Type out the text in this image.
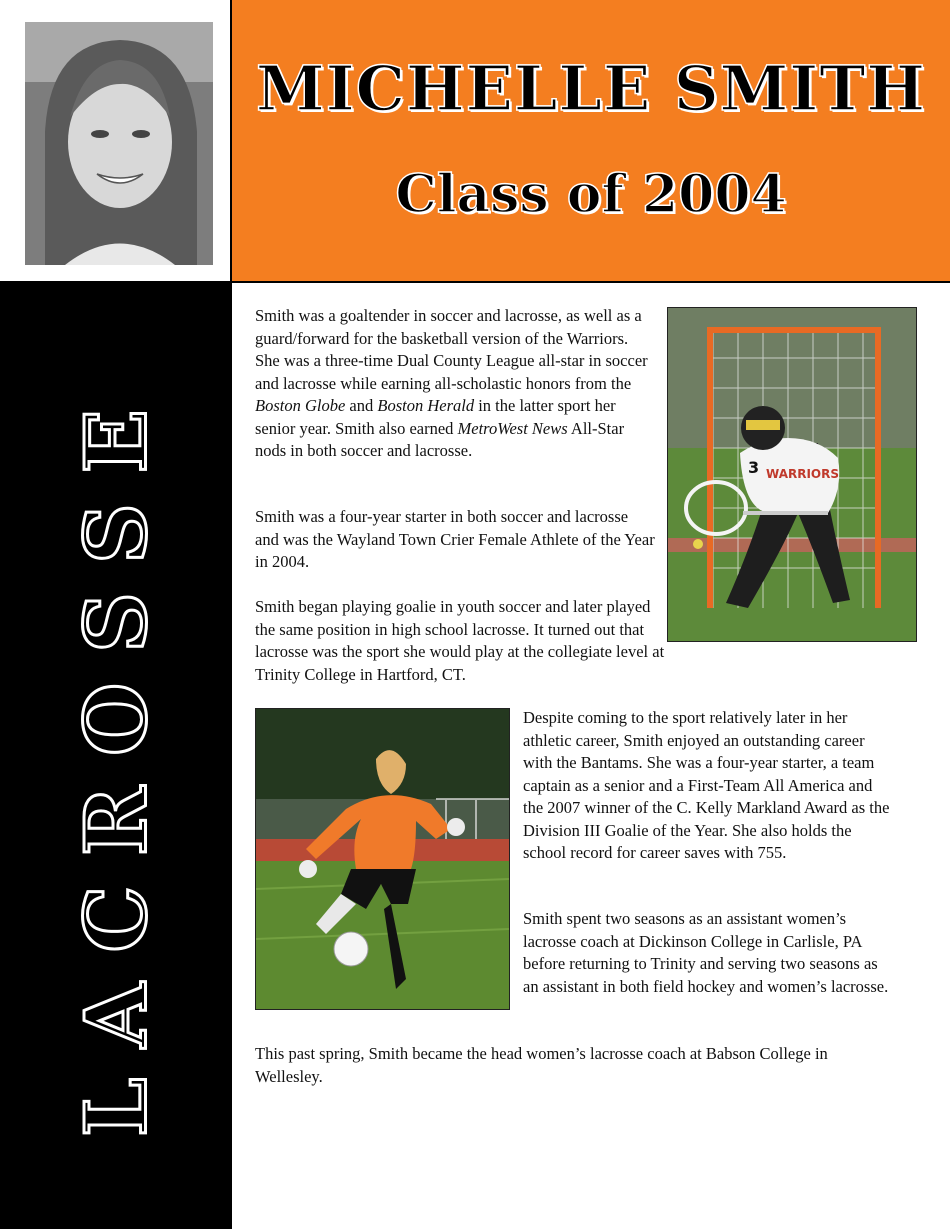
MICHELLE SMITH
Class of 2004
LACROSSE

Smith was a goaltender in soccer and lacrosse, as well as a guard/forward for the basketball version of the Warriors. She was a three-time Dual County League all-star in soccer and lacrosse while earning all-scholastic honors from the Boston Globe and Boston Herald in the latter sport her senior year. Smith also earned MetroWest News All-Star nods in both soccer and lacrosse.

Smith was a four-year starter in both soccer and lacrosse and was the Wayland Town Crier Female Athlete of the Year in 2004.

Smith began playing goalie in youth soccer and later played the same position in high school lacrosse. It turned out that lacrosse was the sport she would play at the collegiate level at Trinity College in Hartford, CT.

WARRIORS
3

Despite coming to the sport relatively later in her athletic career, Smith enjoyed an outstanding career with the Bantams. She was a four-year starter, a team captain as a senior and a First-Team All America and the 2007 winner of the C. Kelly Markland Award as the Division III Goalie of the Year. She also holds the school record for career saves with 755.

Smith spent two seasons as an assistant women’s lacrosse coach at Dickinson College in Carlisle, PA before returning to Trinity and serving two seasons as an assistant in both field hockey and women’s lacrosse.

This past spring, Smith became the head women’s lacrosse coach at Babson College in Wellesley.
